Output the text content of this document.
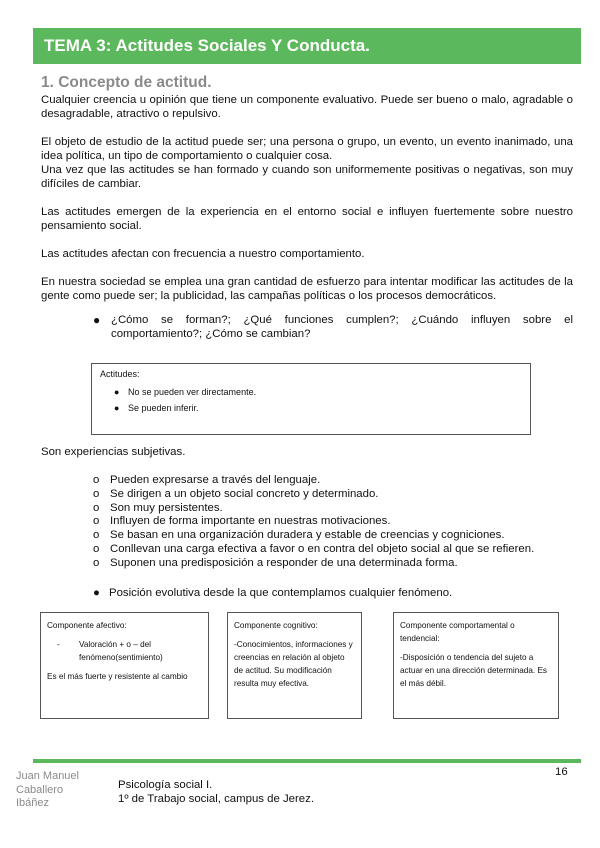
TEMA 3: Actitudes Sociales Y Conducta.
1. Concepto de actitud.

Cualquier creencia u opinión que tiene un componente evaluativo. Puede ser bueno o malo, agradable o desagradable, atractivo o repulsivo.

El objeto de estudio de la actitud puede ser; una persona o grupo, un evento, un evento inanimado, una idea política, un tipo de comportamiento o cualquier cosa.

Una vez que las actitudes se han formado y cuando son uniformemente positivas o negativas, son muy difíciles de cambiar.

Las actitudes emergen de la experiencia en el entorno social e influyen fuertemente sobre nuestro pensamiento social.

Las actitudes afectan con frecuencia a nuestro comportamiento.

En nuestra sociedad se emplea una gran cantidad de esfuerzo para intentar modificar las actitudes de la gente como puede ser; la publicidad, las campañas políticas o los procesos democráticos.

● ¿Cómo se forman?; ¿Qué funciones cumplen?; ¿Cuándo influyen sobre el comportamiento?; ¿Cómo se cambian?
Actitudes:
● No se pueden ver directamente.
● Se pueden inferir.
Son experiencias subjetivas.
o Pueden expresarse a través del lenguaje.
o Se dirigen a un objeto social concreto y determinado.
o Son muy persistentes.
o Influyen de forma importante en nuestras motivaciones.
o Se basan en una organización duradera y estable de creencias y cogniciones.
o Conllevan una carga efectiva a favor o en contra del objeto social al que se refieren.
o Suponen una predisposición a responder de una determinada forma.
● Posición evolutiva desde la que contemplamos cualquier fenómeno.
Componente afectivo:
-	Valoración + o – del fenómeno(sentimiento)
Es el más fuerte y resistente al cambio
Componente cognitivo:
-Conocimientos, informaciones y creencias en relación al objeto de actitud. Su modificación resulta muy efectiva.
Componente comportamental o tendencial:
-Disposición o tendencia del sujeto a actuar en una dirección determinada. Es el más débil.
Juan Manuel Caballero Ibáñez
Psicología social I.
1º de Trabajo social, campus de Jerez.
16
